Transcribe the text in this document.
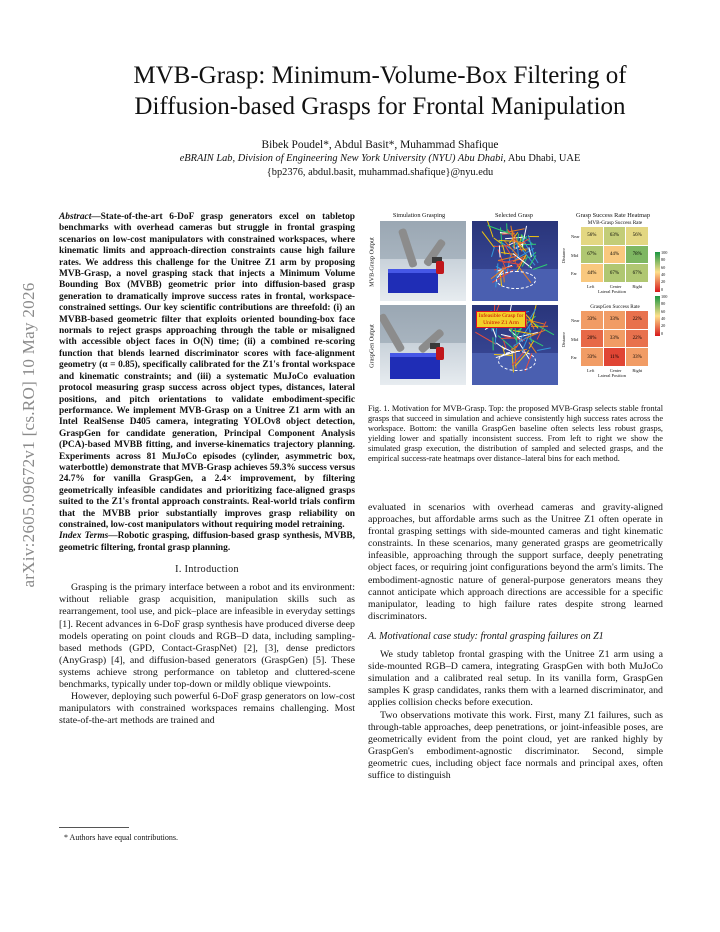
arXiv:2605.09672v1 [cs.RO] 10 May 2026
MVB-Grasp: Minimum-Volume-Box Filtering of
Diffusion-based Grasps for Frontal Manipulation
Bibek Poudel*, Abdul Basit*, Muhammad Shafique
eBRAIN Lab, Division of Engineering New York University (NYU) Abu Dhabi, Abu Dhabi, UAE
{bp2376, abdul.basit, muhammad.shafique}@nyu.edu
Abstract—State-of-the-art 6-DoF grasp generators excel on tabletop benchmarks with overhead cameras but struggle in frontal grasping scenarios on low-cost manipulators with constrained workspaces, where kinematic limits and approach-direction constraints cause high failure rates. We address this challenge for the Unitree Z1 arm by proposing MVB-Grasp, a novel grasping stack that injects a Minimum Volume Bounding Box (MVBB) geometric prior into diffusion-based grasp generation to dramatically improve success rates in frontal, workspace-constrained settings. Our key scientific contributions are threefold: (i) an MVBB-based geometric filter that exploits oriented bounding-box face normals to reject grasps approaching through the table or misaligned with accessible object faces in O(N) time; (ii) a combined re-scoring function that blends learned discriminator scores with face-alignment geometry (α = 0.85), specifically calibrated for the Z1's frontal workspace and kinematic constraints; and (iii) a systematic MuJoCo evaluation protocol measuring grasp success across object types, distances, lateral positions, and pitch orientations to validate embodiment-specific performance. We implement MVB-Grasp on a Unitree Z1 arm with an Intel RealSense D405 camera, integrating YOLOv8 object detection, GraspGen for candidate generation, Principal Component Analysis (PCA)-based MVBB fitting, and inverse-kinematics trajectory planning. Experiments across 81 MuJoCo episodes (cylinder, asymmetric box, waterbottle) demonstrate that MVB-Grasp achieves 59.3% success versus 24.7% for vanilla GraspGen, a 2.4× improvement, by filtering geometrically infeasible candidates and prioritizing face-aligned grasps suited to the Z1's frontal approach constraints. Real-world trials confirm that the MVBB prior substantially improves grasp reliability on constrained, low-cost manipulators without requiring model retraining.
Index Terms—Robotic grasping, diffusion-based grasp synthesis, MVBB, geometric filtering, frontal grasp planning.
I. Introduction

Grasping is the primary interface between a robot and its environment: without reliable grasp acquisition, manipulation skills such as rearrangement, tool use, and pick–place are infeasible in everyday settings [1]. Recent advances in 6-DoF grasp synthesis have produced diverse deep models operating on point clouds and RGB–D data, including sampling-based methods (GPD, Contact-GraspNet) [2], [3], dense predictors (AnyGrasp) [4], and diffusion-based generators (GraspGen) [5]. These systems achieve strong performance on tabletop and cluttered-scene benchmarks, typically under top-down or mildly oblique viewpoints.

However, deploying such powerful 6-DoF grasp generators on low-cost manipulators with constrained workspaces remains challenging. Most state-of-the-art methods are trained and

* Authors have equal contributions.
Simulation Grasping	Selected Grasp	Grasp Success Rate Heatmap
MVB-Grasp Output
GraspGen Output
Infeasible Grasp for Unitree Z1 Arm
MVB-Grasp Success Rate
56%	63%	56%
67%	44%	78%
44%	67%	67%
GraspGen Success Rate
33%	33%	22%
20%	33%	22%
33%	11%	33%
Near
Mid
Far
Left	Center Right
Lateral Position
Distance
Near
Mid
Far
Left	Center Right
Lateral Position
Distance
100
80
60
40
20
0
100
80
60
40
20
0
Fig. 1. Motivation for MVB-Grasp. Top: the proposed MVB-Grasp selects stable frontal grasps that succeed in simulation and achieve consistently high success rates across the workspace. Bottom: the vanilla GraspGen baseline often selects less robust grasps, yielding lower and spatially inconsistent success. From left to right we show the simulated grasp execution, the distribution of sampled and selected grasps, and the empirical success-rate heatmaps over distance–lateral bins for each method.

evaluated in scenarios with overhead cameras and gravity-aligned approaches, but affordable arms such as the Unitree Z1 often operate in frontal grasping settings with side-mounted cameras and tight kinematic constraints. In these scenarios, many generated grasps are geometrically infeasible, approaching through the support surface, deeply penetrating object faces, or requiring joint configurations beyond the arm's limits. The embodiment-agnostic nature of general-purpose generators means they cannot anticipate which approach directions are accessible for a specific manipulator, leading to high failure rates despite strong learned discriminators.

A. Motivational case study: frontal grasping failures on Z1

We study tabletop frontal grasping with the Unitree Z1 arm using a side-mounted RGB–D camera, integrating GraspGen with both MuJoCo simulation and a calibrated real setup. In its vanilla form, GraspGen samples K grasp candidates, ranks them with a learned discriminator, and applies collision checks before execution.

Two observations motivate this work. First, many Z1 failures, such as through-table approaches, deep penetrations, or joint-infeasible poses, are geometrically evident from the point cloud, yet are ranked highly by GraspGen's embodiment-agnostic discriminator. Second, simple geometric cues, including object face normals and principal axes, often suffice to distinguish
